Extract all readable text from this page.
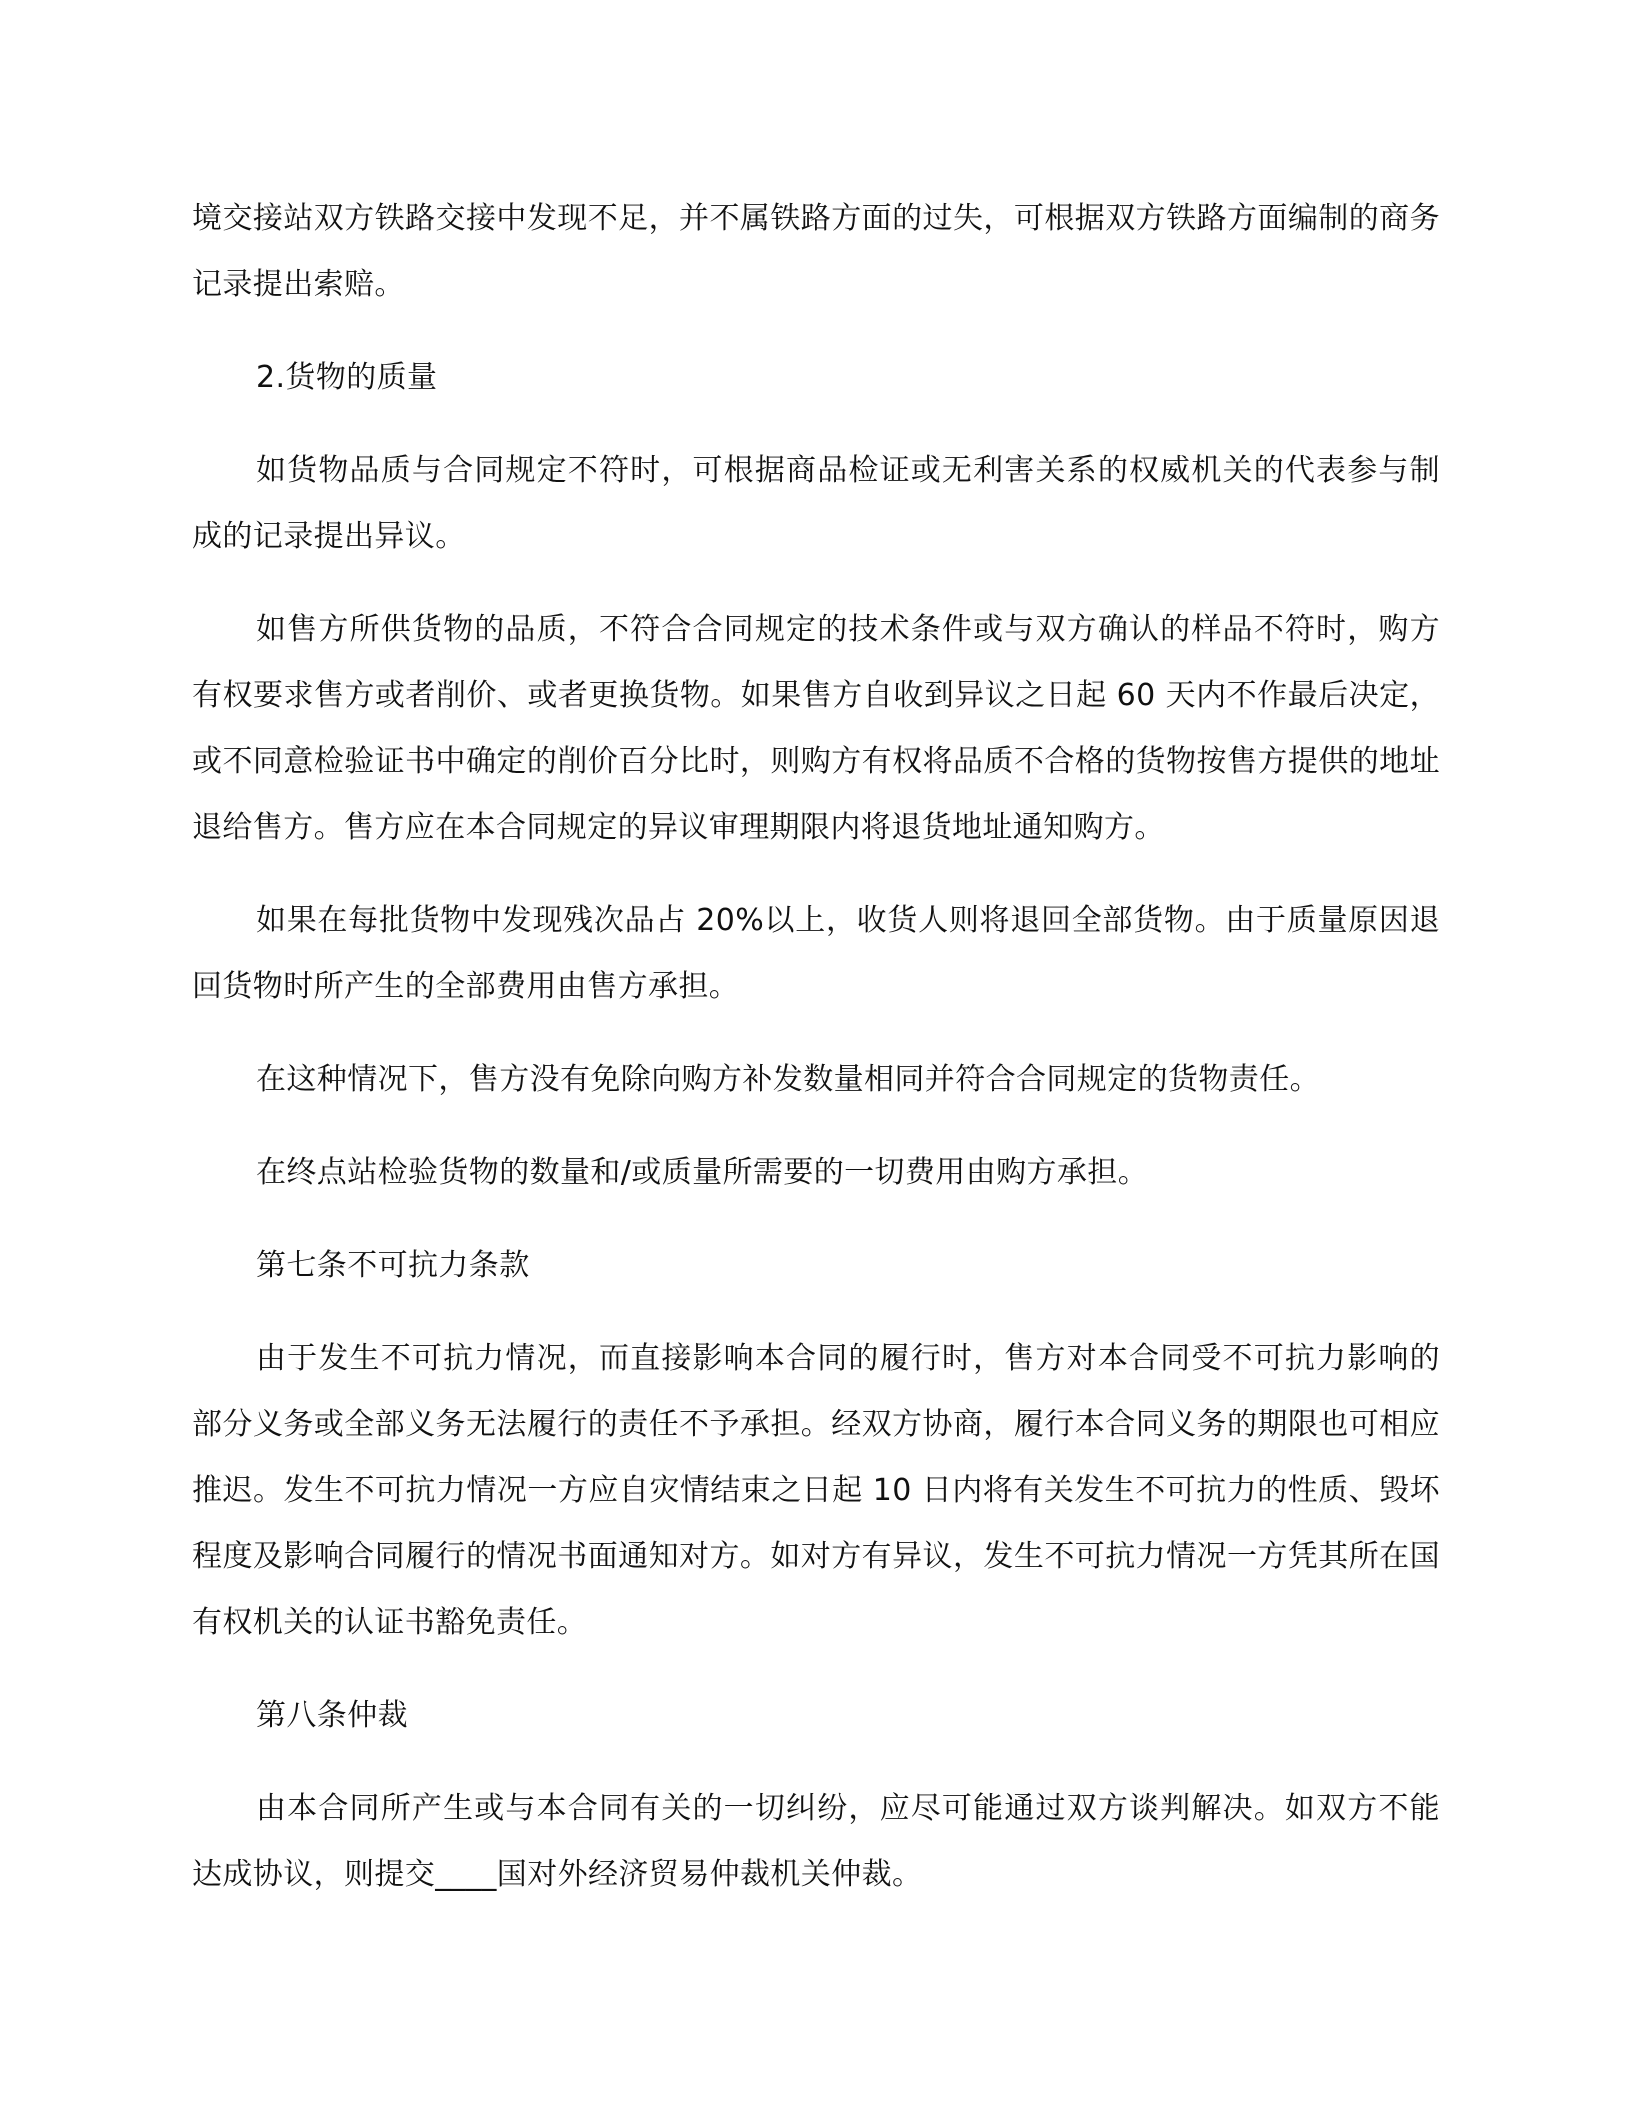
境交接站双方铁路交接中发现不足，并不属铁路方面的过失，可根据双方铁路方面编制的商务记录提出索赔。

2.货物的质量

如货物品质与合同规定不符时，可根据商品检证或无利害关系的权威机关的代表参与制成的记录提出异议。

如售方所供货物的品质，不符合合同规定的技术条件或与双方确认的样品不符时，购方有权要求售方或者削价、或者更换货物。如果售方自收到异议之日起 60 天内不作最后决定，或不同意检验证书中确定的削价百分比时，则购方有权将品质不合格的货物按售方提供的地址退给售方。售方应在本合同规定的异议审理期限内将退货地址通知购方。

如果在每批货物中发现残次品占 20%以上，收货人则将退回全部货物。由于质量原因退回货物时所产生的全部费用由售方承担。

在这种情况下，售方没有免除向购方补发数量相同并符合合同规定的货物责任。

在终点站检验货物的数量和/或质量所需要的一切费用由购方承担。

第七条不可抗力条款

由于发生不可抗力情况，而直接影响本合同的履行时，售方对本合同受不可抗力影响的部分义务或全部义务无法履行的责任不予承担。经双方协商，履行本合同义务的期限也可相应推迟。发生不可抗力情况一方应自灾情结束之日起 10 日内将有关发生不可抗力的性质、毁坏程度及影响合同履行的情况书面通知对方。如对方有异议，发生不可抗力情况一方凭其所在国有权机关的认证书豁免责任。

第八条仲裁

由本合同所产生或与本合同有关的一切纠纷，应尽可能通过双方谈判解决。如双方不能达成协议，则提交____国对外经济贸易仲裁机关仲裁。
